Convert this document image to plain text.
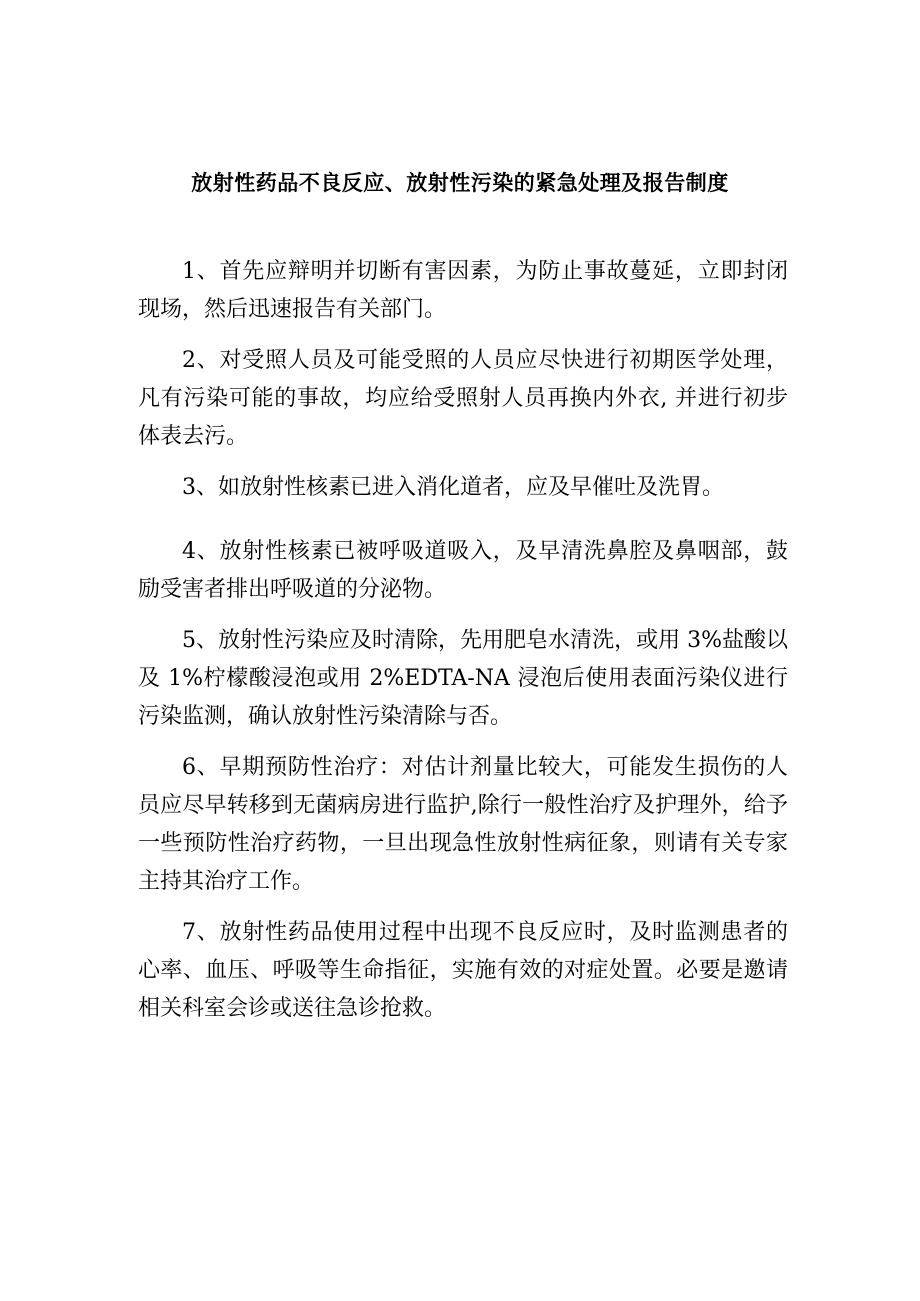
放射性药品不良反应、放射性污染的紧急处理及报告制度

1、首先应辩明并切断有害因素，为防止事故蔓延，立即封闭现场，然后迅速报告有关部门。

2、对受照人员及可能受照的人员应尽快进行初期医学处理，凡有污染可能的事故，均应给受照射人员再换内外衣, 并进行初步体表去污。

3、如放射性核素已进入消化道者，应及早催吐及洗胃。

4、放射性核素已被呼吸道吸入，及早清洗鼻腔及鼻咽部，鼓励受害者排出呼吸道的分泌物。

5、放射性污染应及时清除，先用肥皂水清洗，或用 3%盐酸以及 1%柠檬酸浸泡或用 2%EDTA-NA 浸泡后使用表面污染仪进行污染监测，确认放射性污染清除与否。

6、早期预防性治疗：对估计剂量比较大，可能发生损伤的人员应尽早转移到无菌病房进行监护,除行一般性治疗及护理外，给予一些预防性治疗药物，一旦出现急性放射性病征象，则请有关专家主持其治疗工作。

7、放射性药品使用过程中出现不良反应时，及时监测患者的心率、血压、呼吸等生命指征，实施有效的对症处置。必要是邀请相关科室会诊或送往急诊抢救。
